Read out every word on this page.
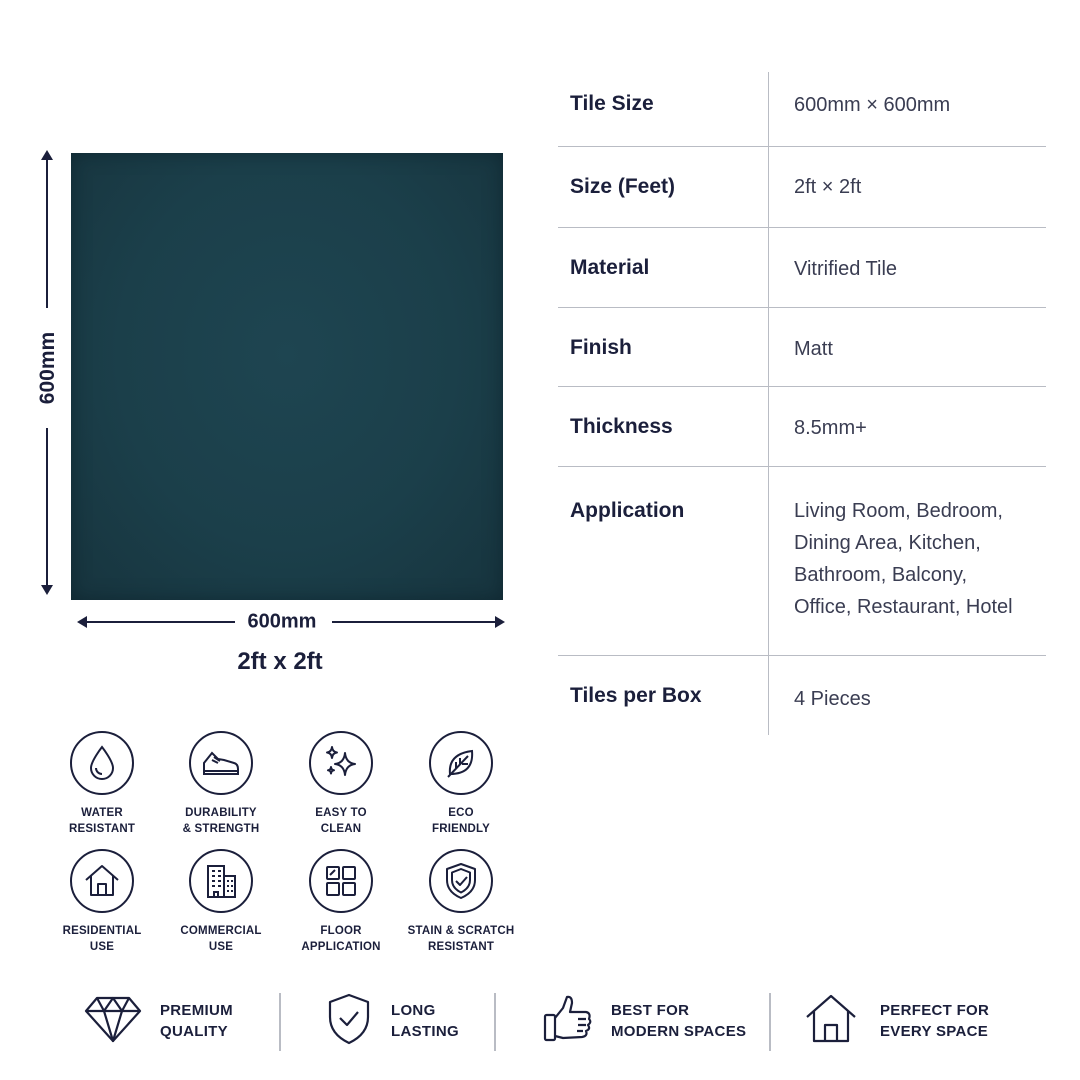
600mm
600mm
2ft x 2ft
Tile Size	600mm × 600mm
Size (Feet)	2ft × 2ft
Material	Vitrified Tile
Finish	Matt
Thickness	8.5mm+
Application	Living Room, Bedroom,
Dining Area, Kitchen,
Bathroom, Balcony,
Office, Restaurant, Hotel
Tiles per Box	4 Pieces
WATER
RESISTANT
DURABILITY
& STRENGTH
EASY TO
CLEAN
ECO
FRIENDLY
RESIDENTIAL
USE
COMMERCIAL
USE
FLOOR
APPLICATION
STAIN & SCRATCH
RESISTANT
PREMIUM
QUALITY
LONG
LASTING
BEST FOR
MODERN SPACES
PERFECT FOR
EVERY SPACE
